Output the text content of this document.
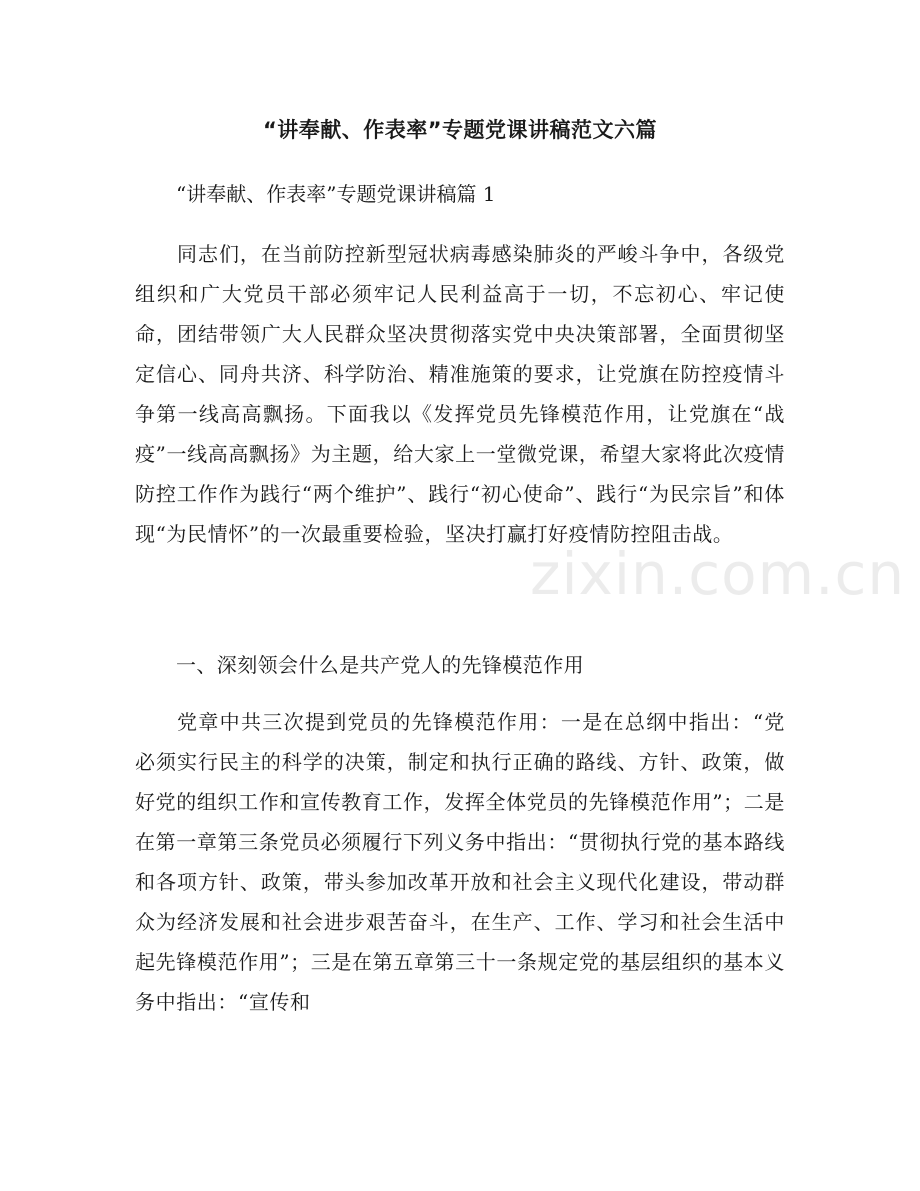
“讲奉献、作表率”专题党课讲稿范文六篇
“讲奉献、作表率”专题党课讲稿篇 1

同志们，在当前防控新型冠状病毒感染肺炎的严峻斗争中，各级党组织和广大党员干部必须牢记人民利益高于一切，不忘初心、牢记使命，团结带领广大人民群众坚决贯彻落实党中央决策部署，全面贯彻坚定信心、同舟共济、科学防治、精准施策的要求，让党旗在防控疫情斗争第一线高高飘扬。下面我以《发挥党员先锋模范作用，让党旗在“战疫”一线高高飘扬》为主题，给大家上一堂微党课，希望大家将此次疫情防控工作作为践行“两个维护”、践行“初心使命”、践行“为民宗旨”和体现“为民情怀”的一次最重要检验，坚决打赢打好疫情防控阻击战。

一、深刻领会什么是共产党人的先锋模范作用

党章中共三次提到党员的先锋模范作用：一是在总纲中指出：“党必须实行民主的科学的决策，制定和执行正确的路线、方针、政策，做好党的组织工作和宣传教育工作，发挥全体党员的先锋模范作用”；二是在第一章第三条党员必须履行下列义务中指出：“贯彻执行党的基本路线和各项方针、政策，带头参加改革开放和社会主义现代化建设，带动群众为经济发展和社会进步艰苦奋斗，在生产、工作、学习和社会生活中起先锋模范作用”；三是在第五章第三十一条规定党的基层组织的基本义务中指出：“宣传和

zixin.com.cn
